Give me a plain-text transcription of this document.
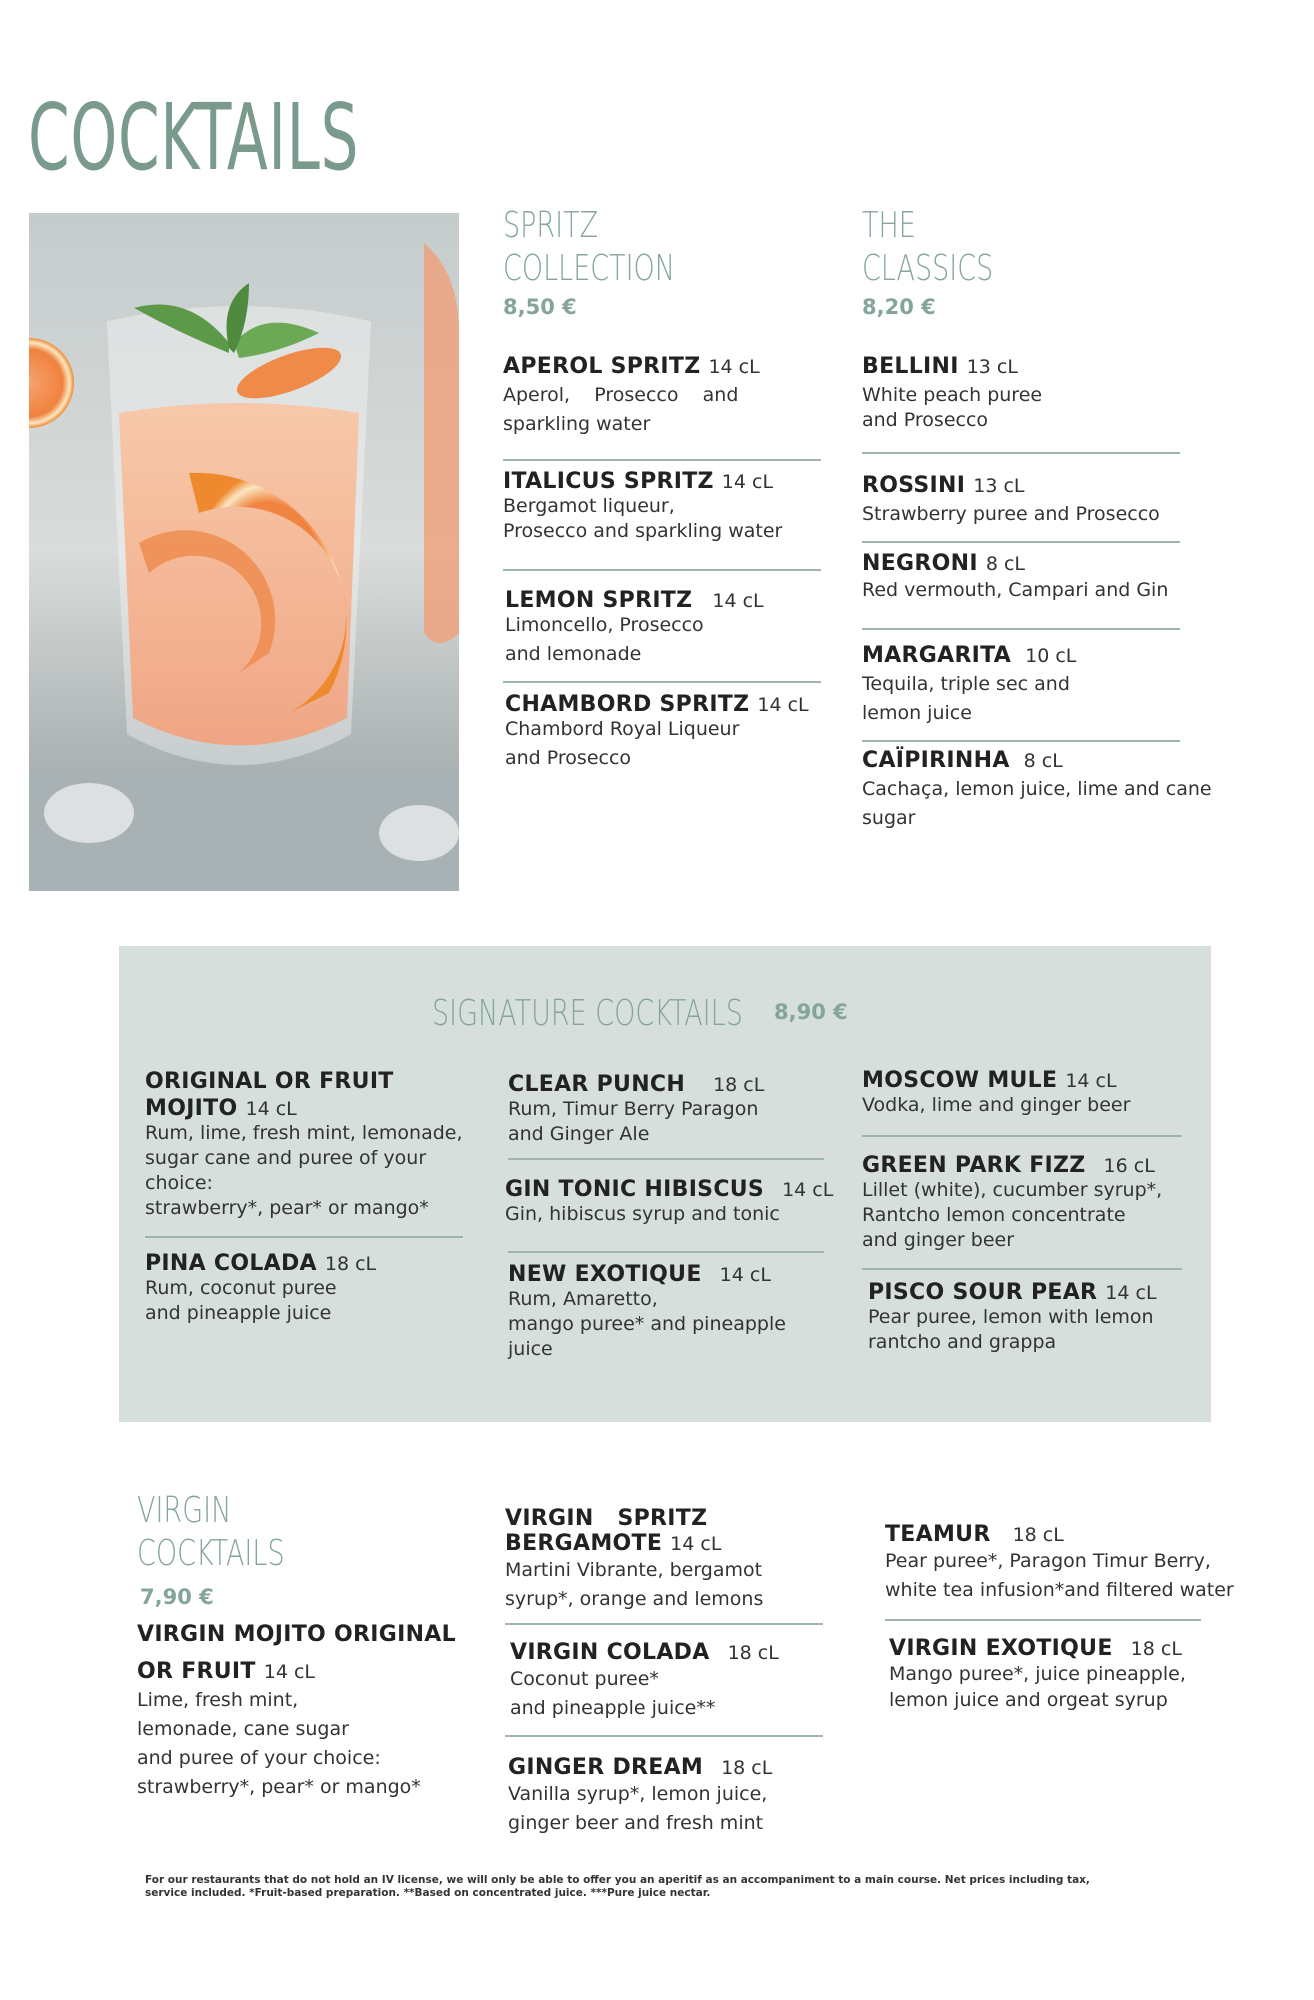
COCKTAILS
SPRITZ
COLLECTION
8,50 €
APEROL SPRITZ 14 cL
Aperol,    Prosecco    and
sparkling water
ITALICUS SPRITZ 14 cL
Bergamot liqueur,
Prosecco and sparkling water
LEMON SPRITZ 14 cL
Limoncello, Prosecco
and lemonade
CHAMBORD SPRITZ 14 cL
Chambord Royal Liqueur
and Prosecco
THE
CLASSICS
8,20 €
BELLINI 13 cL
White peach puree
and Prosecco
ROSSINI 13 cL
Strawberry puree and Prosecco
NEGRONI 8 cL
Red vermouth, Campari and Gin
MARGARITA 10 cL
Tequila, triple sec and
lemon juice
CAÏPIRINHA 8 cL
Cachaça, lemon juice, lime and cane
sugar
SIGNATURE COCKTAILS 8,90 €
ORIGINAL OR FRUIT
MOJITO 14 cL
Rum, lime, fresh mint, lemonade,
sugar cane and puree of your
choice:
strawberry*, pear* or mango*
PINA COLADA 18 cL
Rum, coconut puree
and pineapple juice
CLEAR PUNCH 18 cL
Rum, Timur Berry Paragon
and Ginger Ale
GIN TONIC HIBISCUS 14 cL
Gin, hibiscus syrup and tonic
NEW EXOTIQUE 14 cL
Rum, Amaretto,
mango puree* and pineapple
juice
MOSCOW MULE 14 cL
Vodka, lime and ginger beer
GREEN PARK FIZZ 16 cL
Lillet (white), cucumber syrup*,
Rantcho lemon concentrate
and ginger beer
PISCO SOUR PEAR 14 cL
Pear puree, lemon with lemon
rantcho and grappa
VIRGIN
COCKTAILS
7,90 €
VIRGIN MOJITO ORIGINAL
OR FRUIT 14 cL
Lime, fresh mint,
lemonade, cane sugar
and puree of your choice:
strawberry*, pear* or mango*
VIRGIN   SPRITZ
BERGAMOTE 14 cL
Martini Vibrante, bergamot
syrup*, orange and lemons
VIRGIN COLADA 18 cL
Coconut puree*
and pineapple juice**
GINGER DREAM 18 cL
Vanilla syrup*, lemon juice,
ginger beer and fresh mint
TEAMUR 18 cL
Pear puree*, Paragon Timur Berry,
white tea infusion*and filtered water
VIRGIN EXOTIQUE 18 cL
Mango puree*, juice pineapple,
lemon juice and orgeat syrup
For our restaurants that do not hold an IV license, we will only be able to offer you an aperitif as an accompaniment to a main course. Net prices including tax,
service included. *Fruit-based preparation. **Based on concentrated juice. ***Pure juice nectar.
